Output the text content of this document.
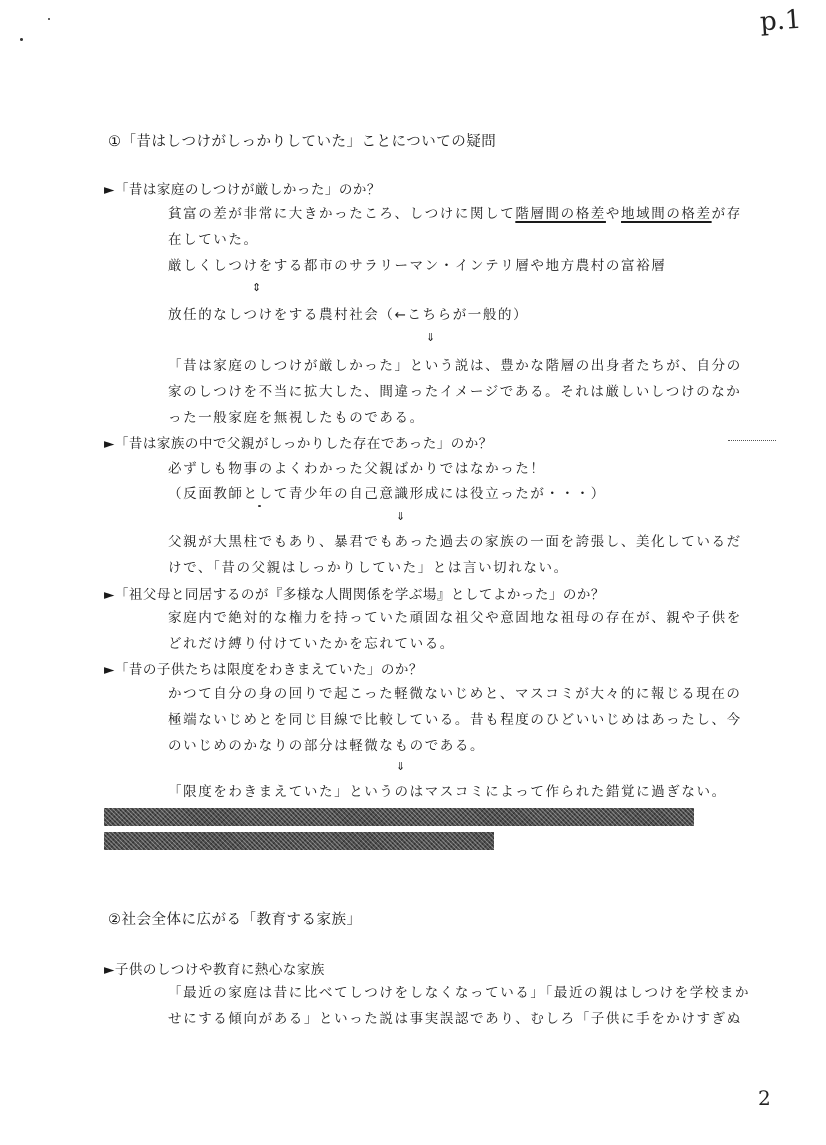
p.1
2
①「昔はしつけがしっかりしていた」ことについての疑問
►「昔は家庭のしつけが厳しかった」のか？
貧富の差が非常に大きかったころ、しつけに関して階層間の格差や地域間の格差が存
在していた。
厳しくしつけをする都市のサラリーマン・インテリ層や地方農村の富裕層
⇕
放任的なしつけをする農村社会（←こちらが一般的）
⇓
「昔は家庭のしつけが厳しかった」という説は、豊かな階層の出身者たちが、自分の
家のしつけを不当に拡大した、間違ったイメージである。それは厳しいしつけのなか
った一般家庭を無視したものである。
►「昔は家族の中で父親がしっかりした存在であった」のか？
必ずしも物事のよくわかった父親ばかりではなかった！
（反面教師として青少年の自己意識形成には役立ったが・・・）
⇓
父親が大黒柱でもあり、暴君でもあった過去の家族の一面を誇張し、美化しているだ
けで、「昔の父親はしっかりしていた」とは言い切れない。
►「祖父母と同居するのが『多様な人間関係を学ぶ場』としてよかった」のか？
家庭内で絶対的な権力を持っていた頑固な祖父や意固地な祖母の存在が、親や子供を
どれだけ縛り付けていたかを忘れている。
►「昔の子供たちは限度をわきまえていた」のか？
かつて自分の身の回りで起こった軽微ないじめと、マスコミが大々的に報じる現在の
極端ないじめとを同じ目線で比較している。昔も程度のひどいいじめはあったし、今
のいじめのかなりの部分は軽微なものである。
⇓
「限度をわきまえていた」というのはマスコミによって作られた錯覚に過ぎない。
②社会全体に広がる「教育する家族」
►子供のしつけや教育に熱心な家族
「最近の家庭は昔に比べてしつけをしなくなっている」「最近の親はしつけを学校まか
せにする傾向がある」といった説は事実誤認であり、むしろ「子供に手をかけすぎぬ
